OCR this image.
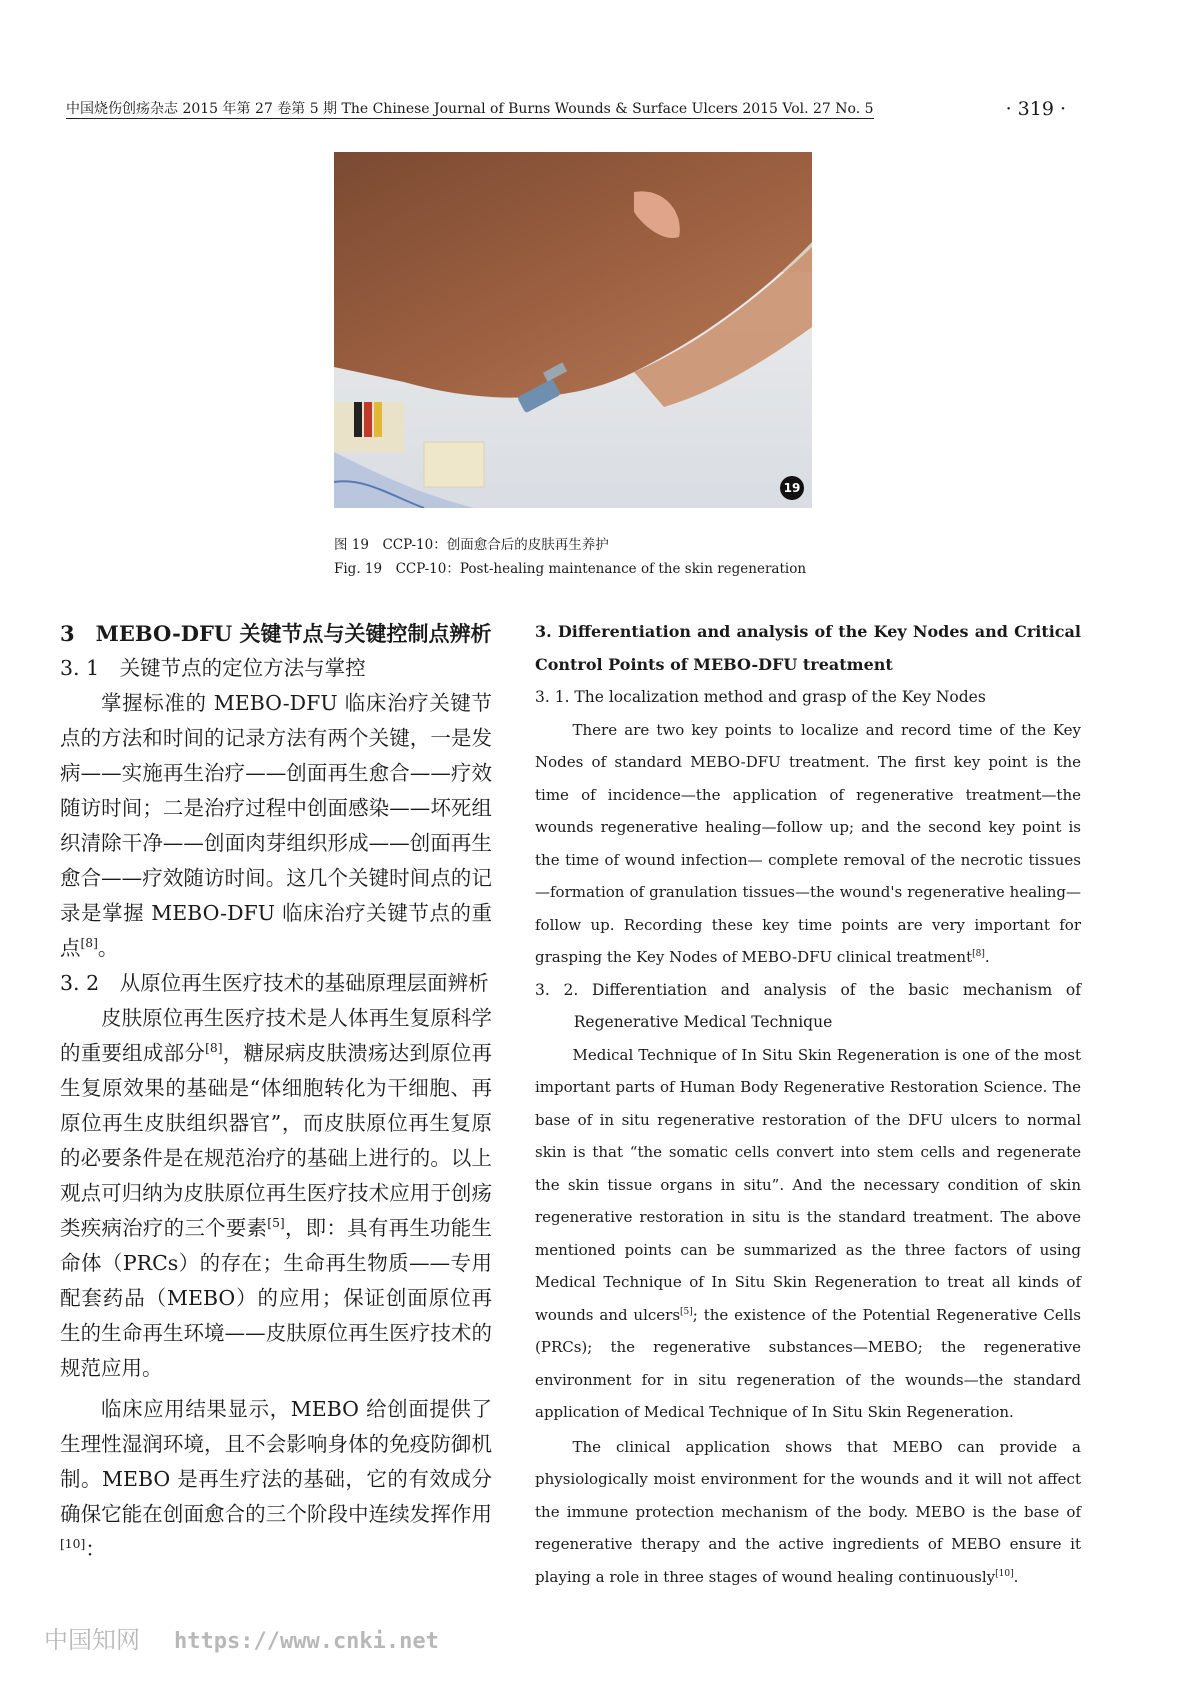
中国烧伤创疡杂志 2015 年第 27 卷第 5 期 The Chinese Journal of Burns Wounds & Surface Ulcers 2015 Vol. 27 No. 5	· 319 ·
19
图 19　CCP-10：创面愈合后的皮肤再生养护
Fig. 19　CCP-10：Post-healing maintenance of the skin regeneration

3　MEBO-DFU 关键节点与关键控制点辨析

3. 1　关键节点的定位方法与掌控

掌握标准的 MEBO-DFU 临床治疗关键节点的方法和时间的记录方法有两个关键，一是发病——实施再生治疗——创面再生愈合——疗效随访时间；二是治疗过程中创面感染——坏死组织清除干净——创面肉芽组织形成——创面再生愈合——疗效随访时间。这几个关键时间点的记录是掌握 MEBO-DFU 临床治疗关键节点的重点[8]。

3. 2　从原位再生医疗技术的基础原理层面辨析

皮肤原位再生医疗技术是人体再生复原科学的重要组成部分[8]，糖尿病皮肤溃疡达到原位再生复原效果的基础是“体细胞转化为干细胞、再原位再生皮肤组织器官”，而皮肤原位再生复原的必要条件是在规范治疗的基础上进行的。以上观点可归纳为皮肤原位再生医疗技术应用于创疡类疾病治疗的三个要素[5]，即：具有再生功能生命体（PRCs）的存在；生命再生物质——专用配套药品（MEBO）的应用；保证创面原位再生的生命再生环境——皮肤原位再生医疗技术的规范应用。

临床应用结果显示，MEBO 给创面提供了生理性湿润环境，且不会影响身体的免疫防御机制。MEBO 是再生疗法的基础，它的有效成分确保它能在创面愈合的三个阶段中连续发挥作用[10]：

3. Differentiation and analysis of the Key Nodes and Critical Control Points of MEBO-DFU treatment

3. 1. The localization method and grasp of the Key Nodes

There are two key points to localize and record time of the Key Nodes of standard MEBO-DFU treatment. The first key point is the time of incidence—the application of regenerative treatment—the wounds regenerative healing—follow up; and the second key point is the time of wound infection— complete removal of the necrotic tissues—formation of granulation tissues—the wound's regenerative healing—follow up. Recording these key time points are very important for grasping the Key Nodes of MEBO-DFU clinical treatment[8].

3. 2. Differentiation and analysis of the basic mechanism of Regenerative Medical Technique

Medical Technique of In Situ Skin Regeneration is one of the most important parts of Human Body Regenerative Restoration Science. The base of in situ regenerative restoration of the DFU ulcers to normal skin is that “the somatic cells convert into stem cells and regenerate the skin tissue organs in situ”. And the necessary condition of skin regenerative restoration in situ is the standard treatment. The above mentioned points can be summarized as the three factors of using Medical Technique of In Situ Skin Regeneration to treat all kinds of wounds and ulcers[5]; the existence of the Potential Regenerative Cells (PRCs); the regenerative substances—MEBO; the regenerative environment for in situ regeneration of the wounds—the standard application of Medical Technique of In Situ Skin Regeneration.

The clinical application shows that MEBO can provide a physiologically moist environment for the wounds and it will not affect the immune protection mechanism of the body. MEBO is the base of regenerative therapy and the active ingredients of MEBO ensure it playing a role in three stages of wound healing continuously[10].

中国知网 https://www.cnki.net
